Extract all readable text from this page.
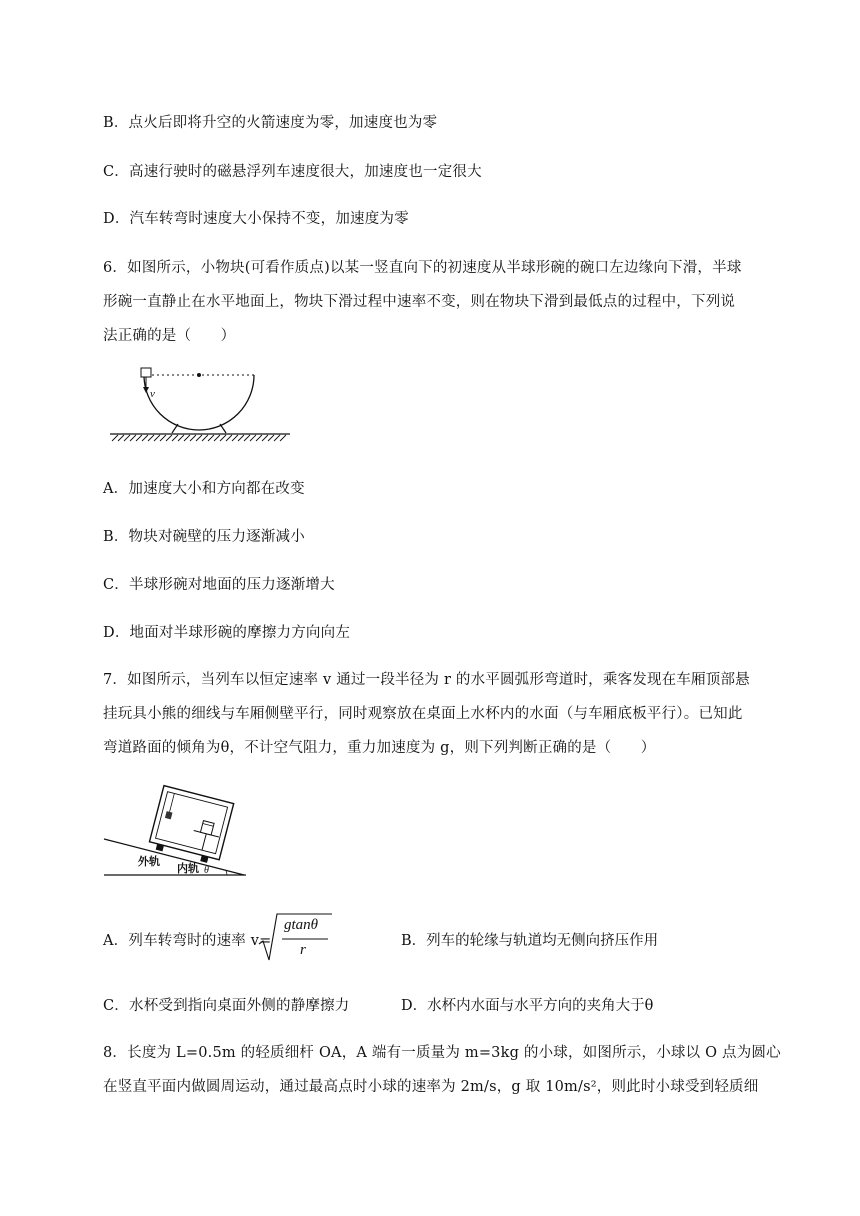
B．点火后即将升空的火箭速度为零，加速度也为零
C．高速行驶时的磁悬浮列车速度很大，加速度也一定很大
D．汽车转弯时速度大小保持不变，加速度为零
6．如图所示，小物块(可看作质点)以某一竖直向下的初速度从半球形碗的碗口左边缘向下滑，半球
形碗一直静止在水平地面上，物块下滑过程中速率不变，则在物块下滑到最低点的过程中，下列说
法正确的是（　　）
v
A．加速度大小和方向都在改变
B．物块对碗壁的压力逐渐减小
C．半球形碗对地面的压力逐渐增大
D．地面对半球形碗的摩擦力方向向左
7．如图所示，当列车以恒定速率 v 通过一段半径为 r 的水平圆弧形弯道时，乘客发现在车厢顶部悬
挂玩具小熊的细线与车厢侧壁平行，同时观察放在桌面上水杯内的水面（与车厢底板平行）。已知此
弯道路面的倾角为θ，不计空气阻力，重力加速度为 g，则下列判断正确的是（　　）
外轨
内轨 θ
A．列车转弯时的速率 v=
gtanθ
r
B．列车的轮缘与轨道均无侧向挤压作用
C．水杯受到指向桌面外侧的静摩擦力	D．水杯内水面与水平方向的夹角大于θ
8．长度为 L=0.5m 的轻质细杆 OA，A 端有一质量为 m=3kg 的小球，如图所示，小球以 O 点为圆心
在竖直平面内做圆周运动，通过最高点时小球的速率为 2m/s，g 取 10m/s²，则此时小球受到轻质细
